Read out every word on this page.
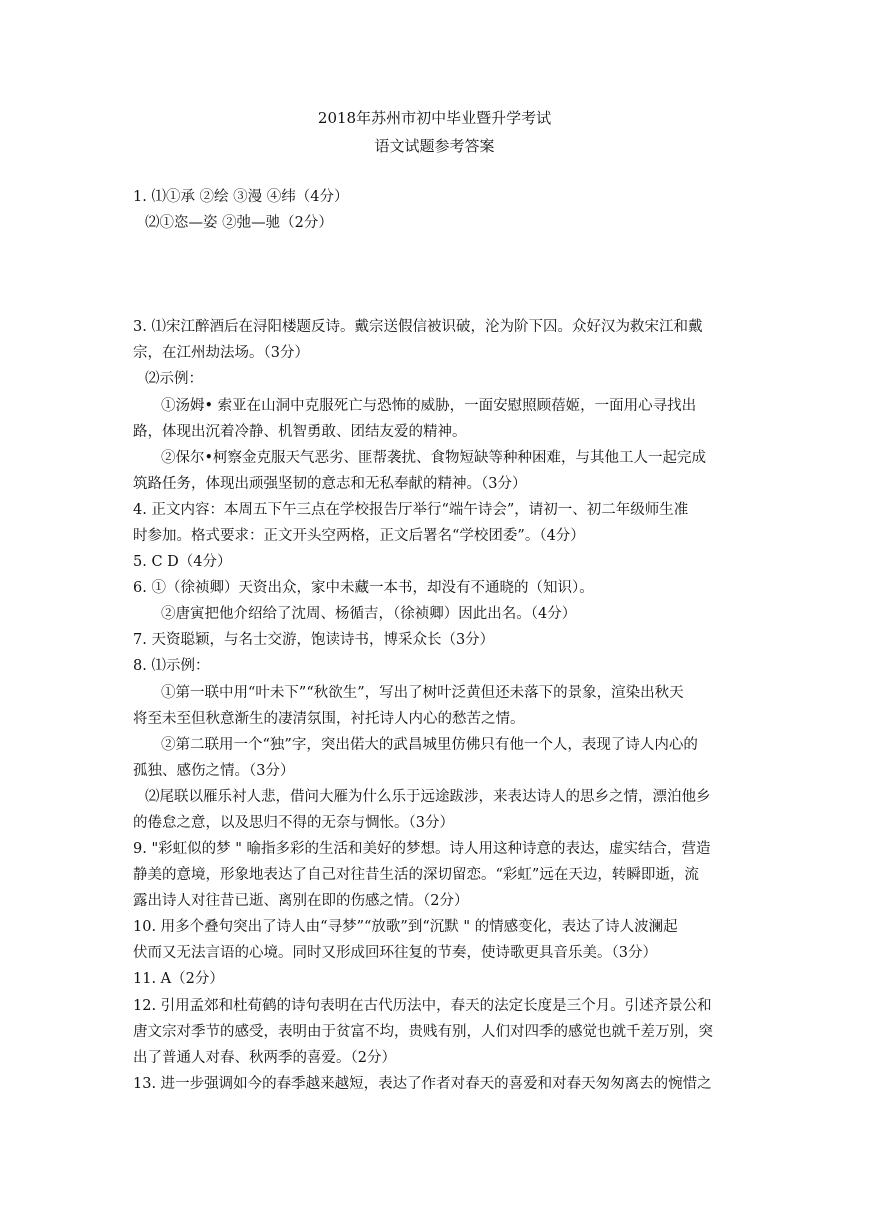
2018年苏州市初中毕业暨升学考试
语文试题参考答案
1. ⑴①承 ②绘 ③漫 ④纬（4分）
⑵①恣—姿 ②弛—驰（2分）
3. ⑴宋江醉酒后在浔阳楼题反诗。戴宗送假信被识破，沦为阶下囚。众好汉为救宋江和戴
宗，在江州劫法场。（3分）
⑵示例：
①汤姆• 索亚在山洞中克服死亡与恐怖的威胁，一面安慰照顾蓓姬，一面用心寻找出
路，体现出沉着冷静、机智勇敢、团结友爱的精神。
②保尔•柯察金克服天气恶劣、匪帮袭扰、食物短缺等种种困难，与其他工人一起完成
筑路任务，体现出顽强坚韧的意志和无私奉献的精神。（3分）
4. 正文内容：本周五下午三点在学校报告厅举行“端午诗会”，请初一、初二年级师生准
时参加。格式要求：正文开头空两格，正文后署名“学校团委”。（4分）
5. C D（4分）
6. ①（徐祯卿）天资出众，家中未藏一本书，却没有不通晓的（知识）。
②唐寅把他介绍给了沈周、杨循吉，（徐祯卿）因此出名。（4分）
7. 天资聪颖，与名士交游，饱读诗书，博采众长（3分）
8. ⑴示例：
①第一联中用“叶未下”“秋欲生”，写出了树叶泛黄但还未落下的景象，渲染出秋天
将至未至但秋意渐生的凄清氛围，衬托诗人内心的愁苦之情。
②第二联用一个“独”字，突出偌大的武昌城里仿佛只有他一个人，表现了诗人内心的
孤独、感伤之情。（3分）
⑵尾联以雁乐衬人悲，借问大雁为什么乐于远途跋涉，来表达诗人的思乡之情，漂泊他乡
的倦怠之意，以及思归不得的无奈与惆怅。（3分）
9. "彩虹似的梦 " 喻指多彩的生活和美好的梦想。诗人用这种诗意的表达，虚实结合，营造
静美的意境，形象地表达了自己对往昔生活的深切留恋。“彩虹”远在天边，转瞬即逝，流
露出诗人对往昔已逝、离别在即的伤感之情。（2分）
10. 用多个叠句突出了诗人由“寻梦”“放歌”到“沉默 " 的情感变化，表达了诗人波澜起
伏而又无法言语的心境。同时又形成回环往复的节奏，使诗歌更具音乐美。（3分）
11. A（2分）
12. 引用孟郊和杜荀鹤的诗句表明在古代历法中，春天的法定长度是三个月。引述齐景公和
唐文宗对季节的感受，表明由于贫富不均，贵贱有别，人们对四季的感觉也就千差万别，突
出了普通人对春、秋两季的喜爱。（2分）
13. 进一步强调如今的春季越来越短，表达了作者对春天的喜爱和对春天匆匆离去的惋惜之
